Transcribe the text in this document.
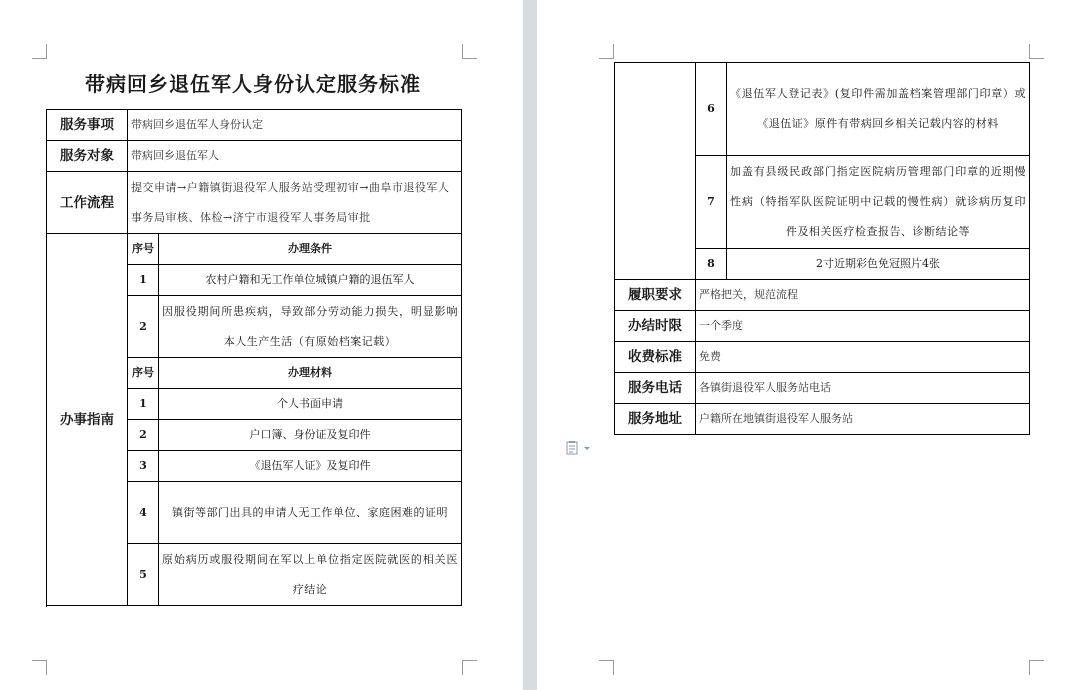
带病回乡退伍军人身份认定服务标准
服务事项	带病回乡退伍军人身份认定	
服务对象	带病回乡退伍军人	
工作流程	提交申请→户籍镇街退役军人服务站受理初审→曲阜市退役军人事务局审核、体检→济宁市退役军人事务局审批	
办事指南	序号	办理条件
	1	农村户籍和无工作单位城镇户籍的退伍军人
	2	因服役期间所患疾病，导致部分劳动能力损失，明显影响本人生产生活（有原始档案记载）
	序号	办理材料
	1	个人书面申请
	2	户口簿、身份证及复印件
	3	《退伍军人证》及复印件
	4	镇街等部门出具的申请人无工作单位、家庭困难的证明
	5	原始病历或服役期间在军以上单位指定医院就医的相关医疗结论

	6	《退伍军人登记表》(复印件需加盖档案管理部门印章）或《退伍证》原件有带病回乡相关记载内容的材料
	7	加盖有县级民政部门指定医院病历管理部门印章的近期慢性病（特指军队医院证明中记载的慢性病）就诊病历复印件及相关医疗检查报告、诊断结论等
	8	2寸近期彩色免冠照片4张
履职要求	严格把关，规范流程	
办结时限	一个季度	
收费标准	免费	
服务电话	各镇街退役军人服务站电话	
服务地址	户籍所在地镇街退役军人服务站	
